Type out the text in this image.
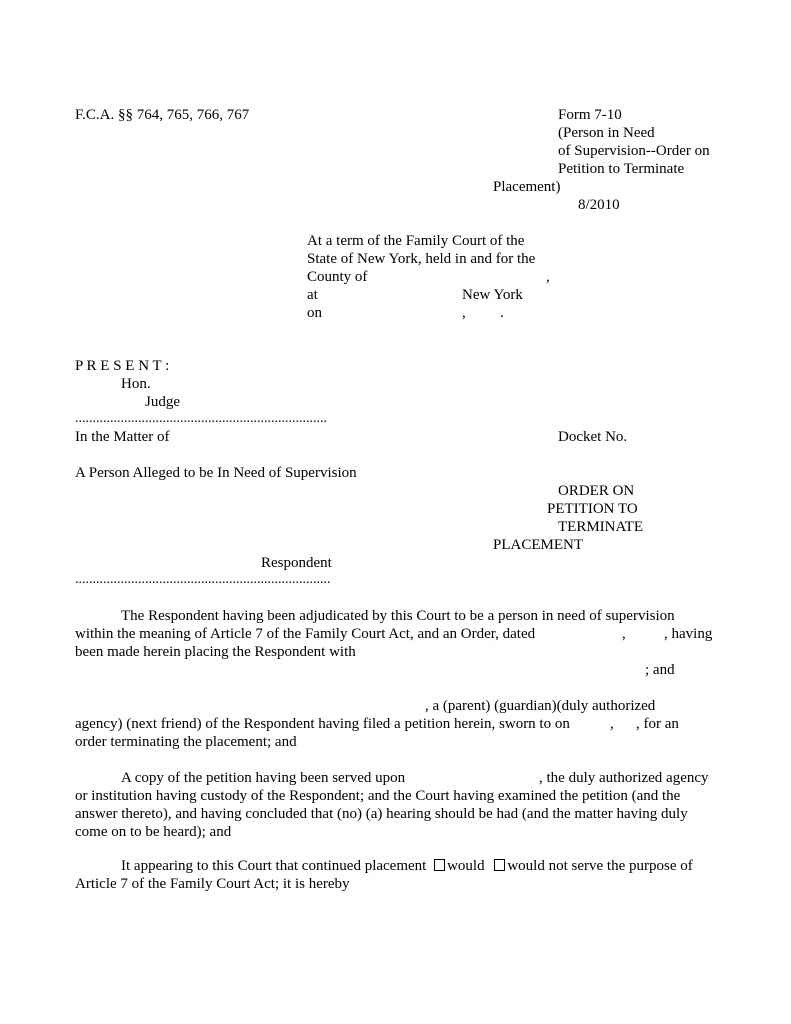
F.C.A. §§ 764, 765, 766, 767	Form 7-10
(Person in Need
of Supervision--Order on
Petition to Terminate
Placement)
8/2010
At a term of the Family Court of the
State of New York, held in and for the
County of	,
at	New York
on	, .
P R E S E N T :
Hon.
Judge
........................................................................
In the Matter of	Docket No.
A Person Alleged to be In Need of Supervision
ORDER ON
PETITION TO
TERMINATE
PLACEMENT
Respondent
.........................................................................
The Respondent having been adjudicated by this Court to be a person in need of supervision
within the meaning of Article 7 of the Family Court Act, and an Order, dated	,	, having
been made herein placing the Respondent with
; and
, a (parent) (guardian)(duly authorized
agency) (next friend) of the Respondent having filed a petition herein, sworn to on	, , for an
order terminating the placement; and
A copy of the petition having been served upon	, the duly authorized agency
or institution having custody of the Respondent; and the Court having examined the petition (and the
answer thereto), and having concluded that (no) (a) hearing should be had (and the matter having duly
come on to be heard); and
It appearing to this Court that continued placement would would not serve the purpose of
Article 7 of the Family Court Act; it is hereby
